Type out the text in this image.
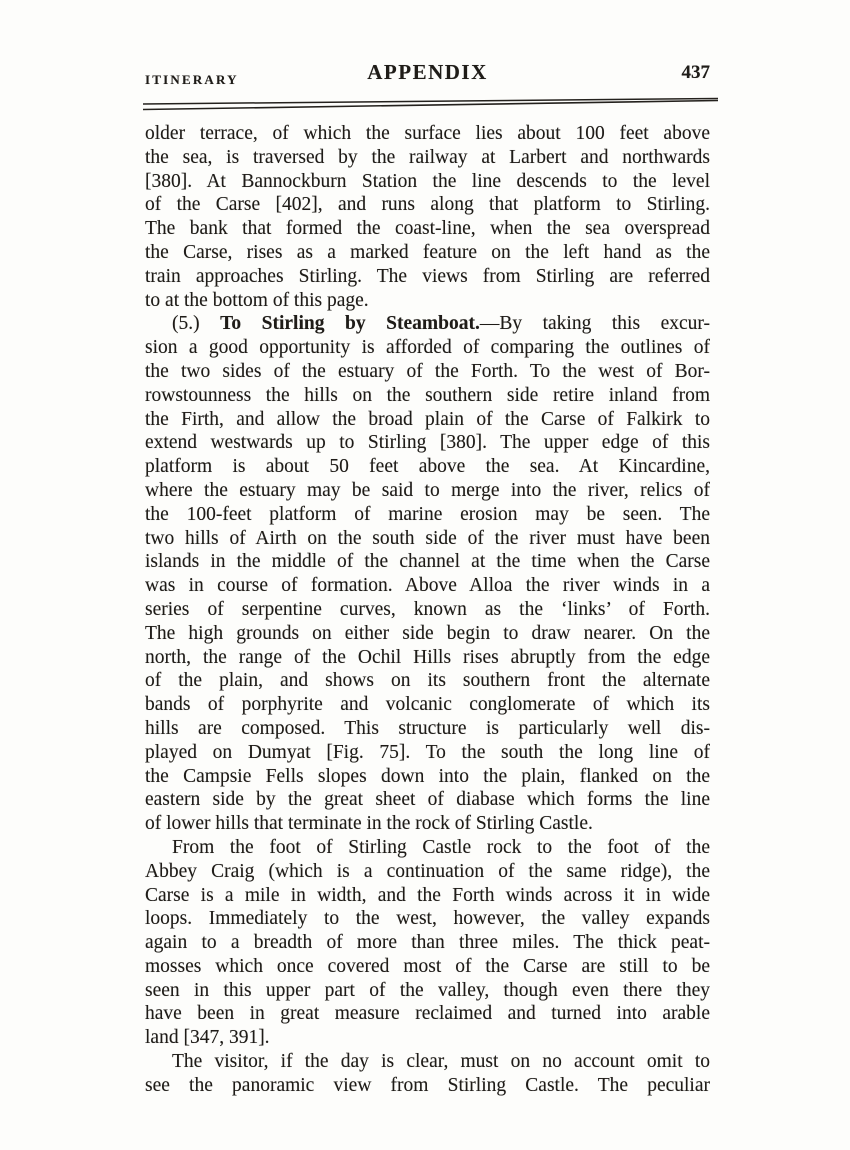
ITINERARY	APPENDIX	437
older terrace, of which the surface lies about 100 feet above
the sea, is traversed by the railway at Larbert and northwards
[380]. At Bannockburn Station the line descends to the level
of the Carse [402], and runs along that platform to Stirling.
The bank that formed the coast-line, when the sea overspread
the Carse, rises as a marked feature on the left hand as the
train approaches Stirling. The views from Stirling are referred
to at the bottom of this page.
(5.) To Stirling by Steamboat.—By taking this excur-
sion a good opportunity is afforded of comparing the outlines of
the two sides of the estuary of the Forth. To the west of Bor-
rowstounness the hills on the southern side retire inland from
the Firth, and allow the broad plain of the Carse of Falkirk to
extend westwards up to Stirling [380]. The upper edge of this
platform is about 50 feet above the sea. At Kincardine,
where the estuary may be said to merge into the river, relics of
the 100-feet platform of marine erosion may be seen. The
two hills of Airth on the south side of the river must have been
islands in the middle of the channel at the time when the Carse
was in course of formation. Above Alloa the river winds in a
series of serpentine curves, known as the ‘links’ of Forth.
The high grounds on either side begin to draw nearer. On the
north, the range of the Ochil Hills rises abruptly from the edge
of the plain, and shows on its southern front the alternate
bands of porphyrite and volcanic conglomerate of which its
hills are composed. This structure is particularly well dis-
played on Dumyat [Fig. 75]. To the south the long line of
the Campsie Fells slopes down into the plain, flanked on the
eastern side by the great sheet of diabase which forms the line
of lower hills that terminate in the rock of Stirling Castle.
From the foot of Stirling Castle rock to the foot of the
Abbey Craig (which is a continuation of the same ridge), the
Carse is a mile in width, and the Forth winds across it in wide
loops. Immediately to the west, however, the valley expands
again to a breadth of more than three miles. The thick peat-
mosses which once covered most of the Carse are still to be
seen in this upper part of the valley, though even there they
have been in great measure reclaimed and turned into arable
land [347, 391].
The visitor, if the day is clear, must on no account omit to
see the panoramic view from Stirling Castle. The peculiar
